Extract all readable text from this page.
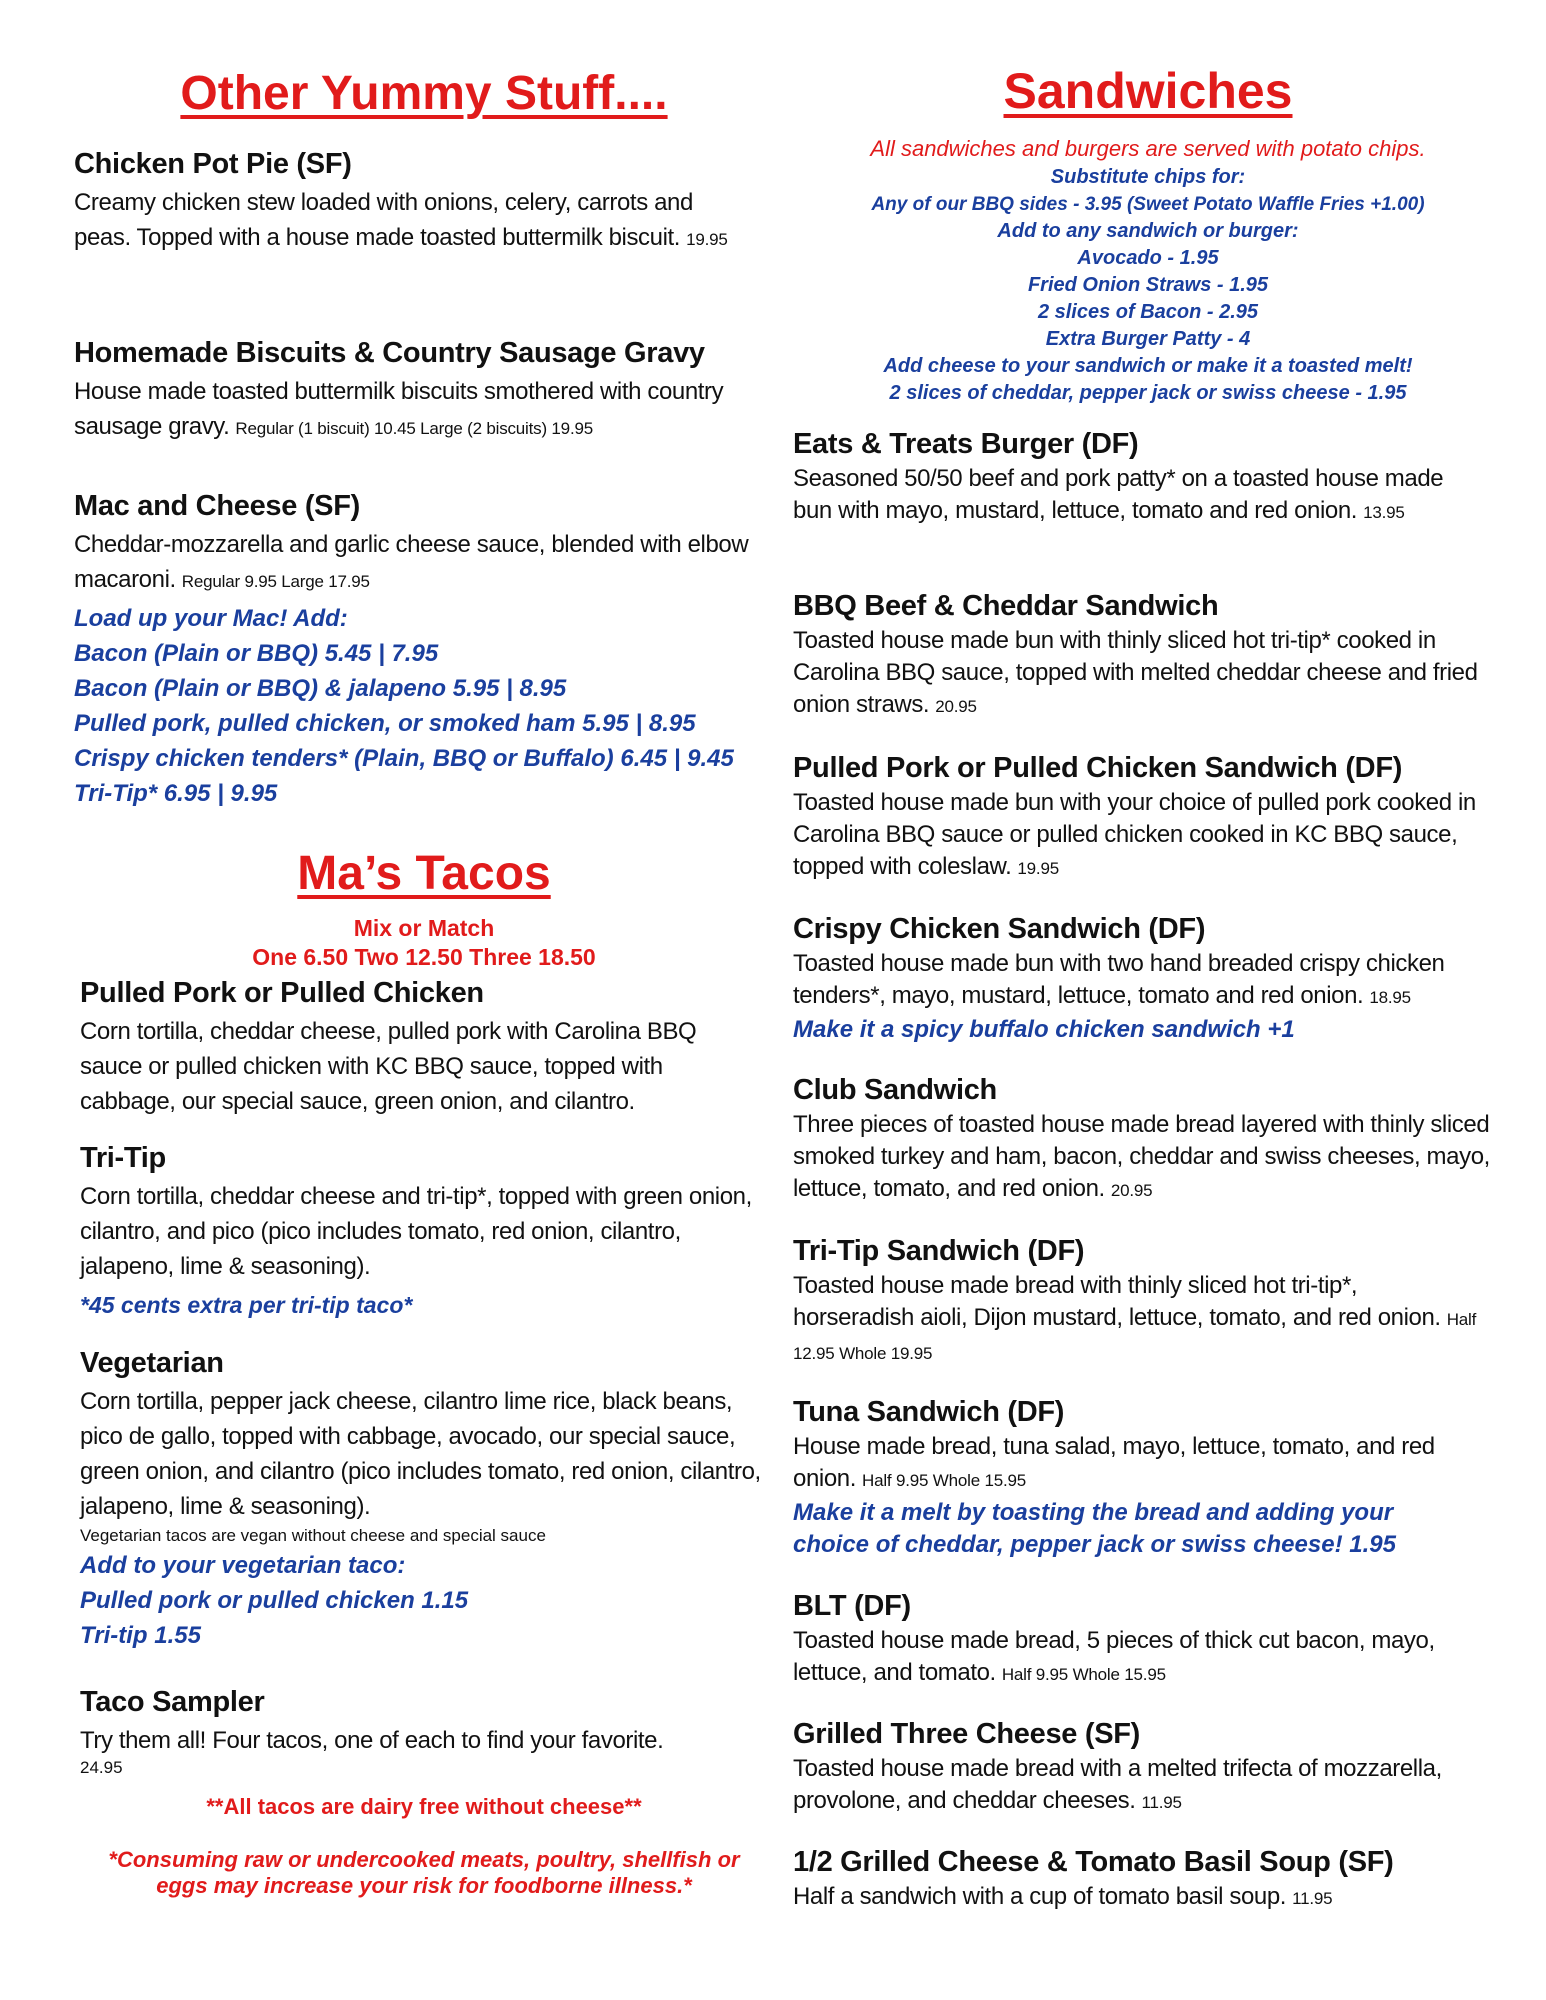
Other Yummy Stuff....

Chicken Pot Pie (SF)

Creamy chicken stew loaded with onions, celery, carrots and peas. Topped with a house made toasted buttermilk biscuit. 19.95

Homemade Biscuits & Country Sausage Gravy

House made toasted buttermilk biscuits smothered with country sausage gravy. Regular (1 biscuit) 10.45 Large (2 biscuits) 19.95

Mac and Cheese (SF)

Cheddar-mozzarella and garlic cheese sauce, blended with elbow macaroni. Regular 9.95 Large 17.95

Load up your Mac! Add:
Bacon (Plain or BBQ) 5.45 | 7.95
Bacon (Plain or BBQ) & jalapeno 5.95 | 8.95
Pulled pork, pulled chicken, or smoked ham 5.95 | 8.95
Crispy chicken tenders* (Plain, BBQ or Buffalo) 6.45 | 9.45
Tri-Tip* 6.95 | 9.95
Ma’s Tacos
Mix or Match
One 6.50 Two 12.50 Three 18.50

Pulled Pork or Pulled Chicken

Corn tortilla, cheddar cheese, pulled pork with Carolina BBQ sauce or pulled chicken with KC BBQ sauce, topped with cabbage, our special sauce, green onion, and cilantro.

Tri-Tip

Corn tortilla, cheddar cheese and tri-tip*, topped with green onion, cilantro, and pico (pico includes tomato, red onion, cilantro, jalapeno, lime & seasoning).

*45 cents extra per tri-tip taco*

Vegetarian

Corn tortilla, pepper jack cheese, cilantro lime rice, black beans, pico de gallo, topped with cabbage, avocado, our special sauce, green onion, and cilantro (pico includes tomato, red onion, cilantro, jalapeno, lime & seasoning).

Vegetarian tacos are vegan without cheese and special sauce
Add to your vegetarian taco:
Pulled pork or pulled chicken 1.15
Tri-tip 1.55

Taco Sampler

Try them all! Four tacos, one of each to find your favorite.

24.95
**All tacos are dairy free without cheese**
*Consuming raw or undercooked meats, poultry, shellfish or
eggs may increase your risk for foodborne illness.*
Sandwiches
All sandwiches and burgers are served with potato chips.
Substitute chips for:
Any of our BBQ sides - 3.95 (Sweet Potato Waffle Fries +1.00)
Add to any sandwich or burger:
Avocado - 1.95
Fried Onion Straws - 1.95
2 slices of Bacon - 2.95
Extra Burger Patty - 4
Add cheese to your sandwich or make it a toasted melt!
2 slices of cheddar, pepper jack or swiss cheese - 1.95

Eats & Treats Burger (DF)

Seasoned 50/50 beef and pork patty* on a toasted house made bun with mayo, mustard, lettuce, tomato and red onion. 13.95

BBQ Beef & Cheddar Sandwich

Toasted house made bun with thinly sliced hot tri-tip* cooked in Carolina BBQ sauce, topped with melted cheddar cheese and fried onion straws. 20.95

Pulled Pork or Pulled Chicken Sandwich (DF)

Toasted house made bun with your choice of pulled pork cooked in Carolina BBQ sauce or pulled chicken cooked in KC BBQ sauce, topped with coleslaw. 19.95

Crispy Chicken Sandwich (DF)

Toasted house made bun with two hand breaded crispy chicken tenders*, mayo, mustard, lettuce, tomato and red onion. 18.95

Make it a spicy buffalo chicken sandwich +1

Club Sandwich

Three pieces of toasted house made bread layered with thinly sliced smoked turkey and ham, bacon, cheddar and swiss cheeses, mayo, lettuce, tomato, and red onion. 20.95

Tri-Tip Sandwich (DF)

Toasted house made bread with thinly sliced hot tri-tip*, horseradish aioli, Dijon mustard, lettuce, tomato, and red onion. Half 12.95 Whole 19.95

Tuna Sandwich (DF)

House made bread, tuna salad, mayo, lettuce, tomato, and red onion. Half 9.95 Whole 15.95

Make it a melt by toasting the bread and adding your choice of cheddar, pepper jack or swiss cheese! 1.95

BLT (DF)

Toasted house made bread, 5 pieces of thick cut bacon, mayo, lettuce, and tomato. Half 9.95 Whole 15.95

Grilled Three Cheese (SF)

Toasted house made bread with a melted trifecta of mozzarella, provolone, and cheddar cheeses. 11.95

1/2 Grilled Cheese & Tomato Basil Soup (SF)

Half a sandwich with a cup of tomato basil soup. 11.95
